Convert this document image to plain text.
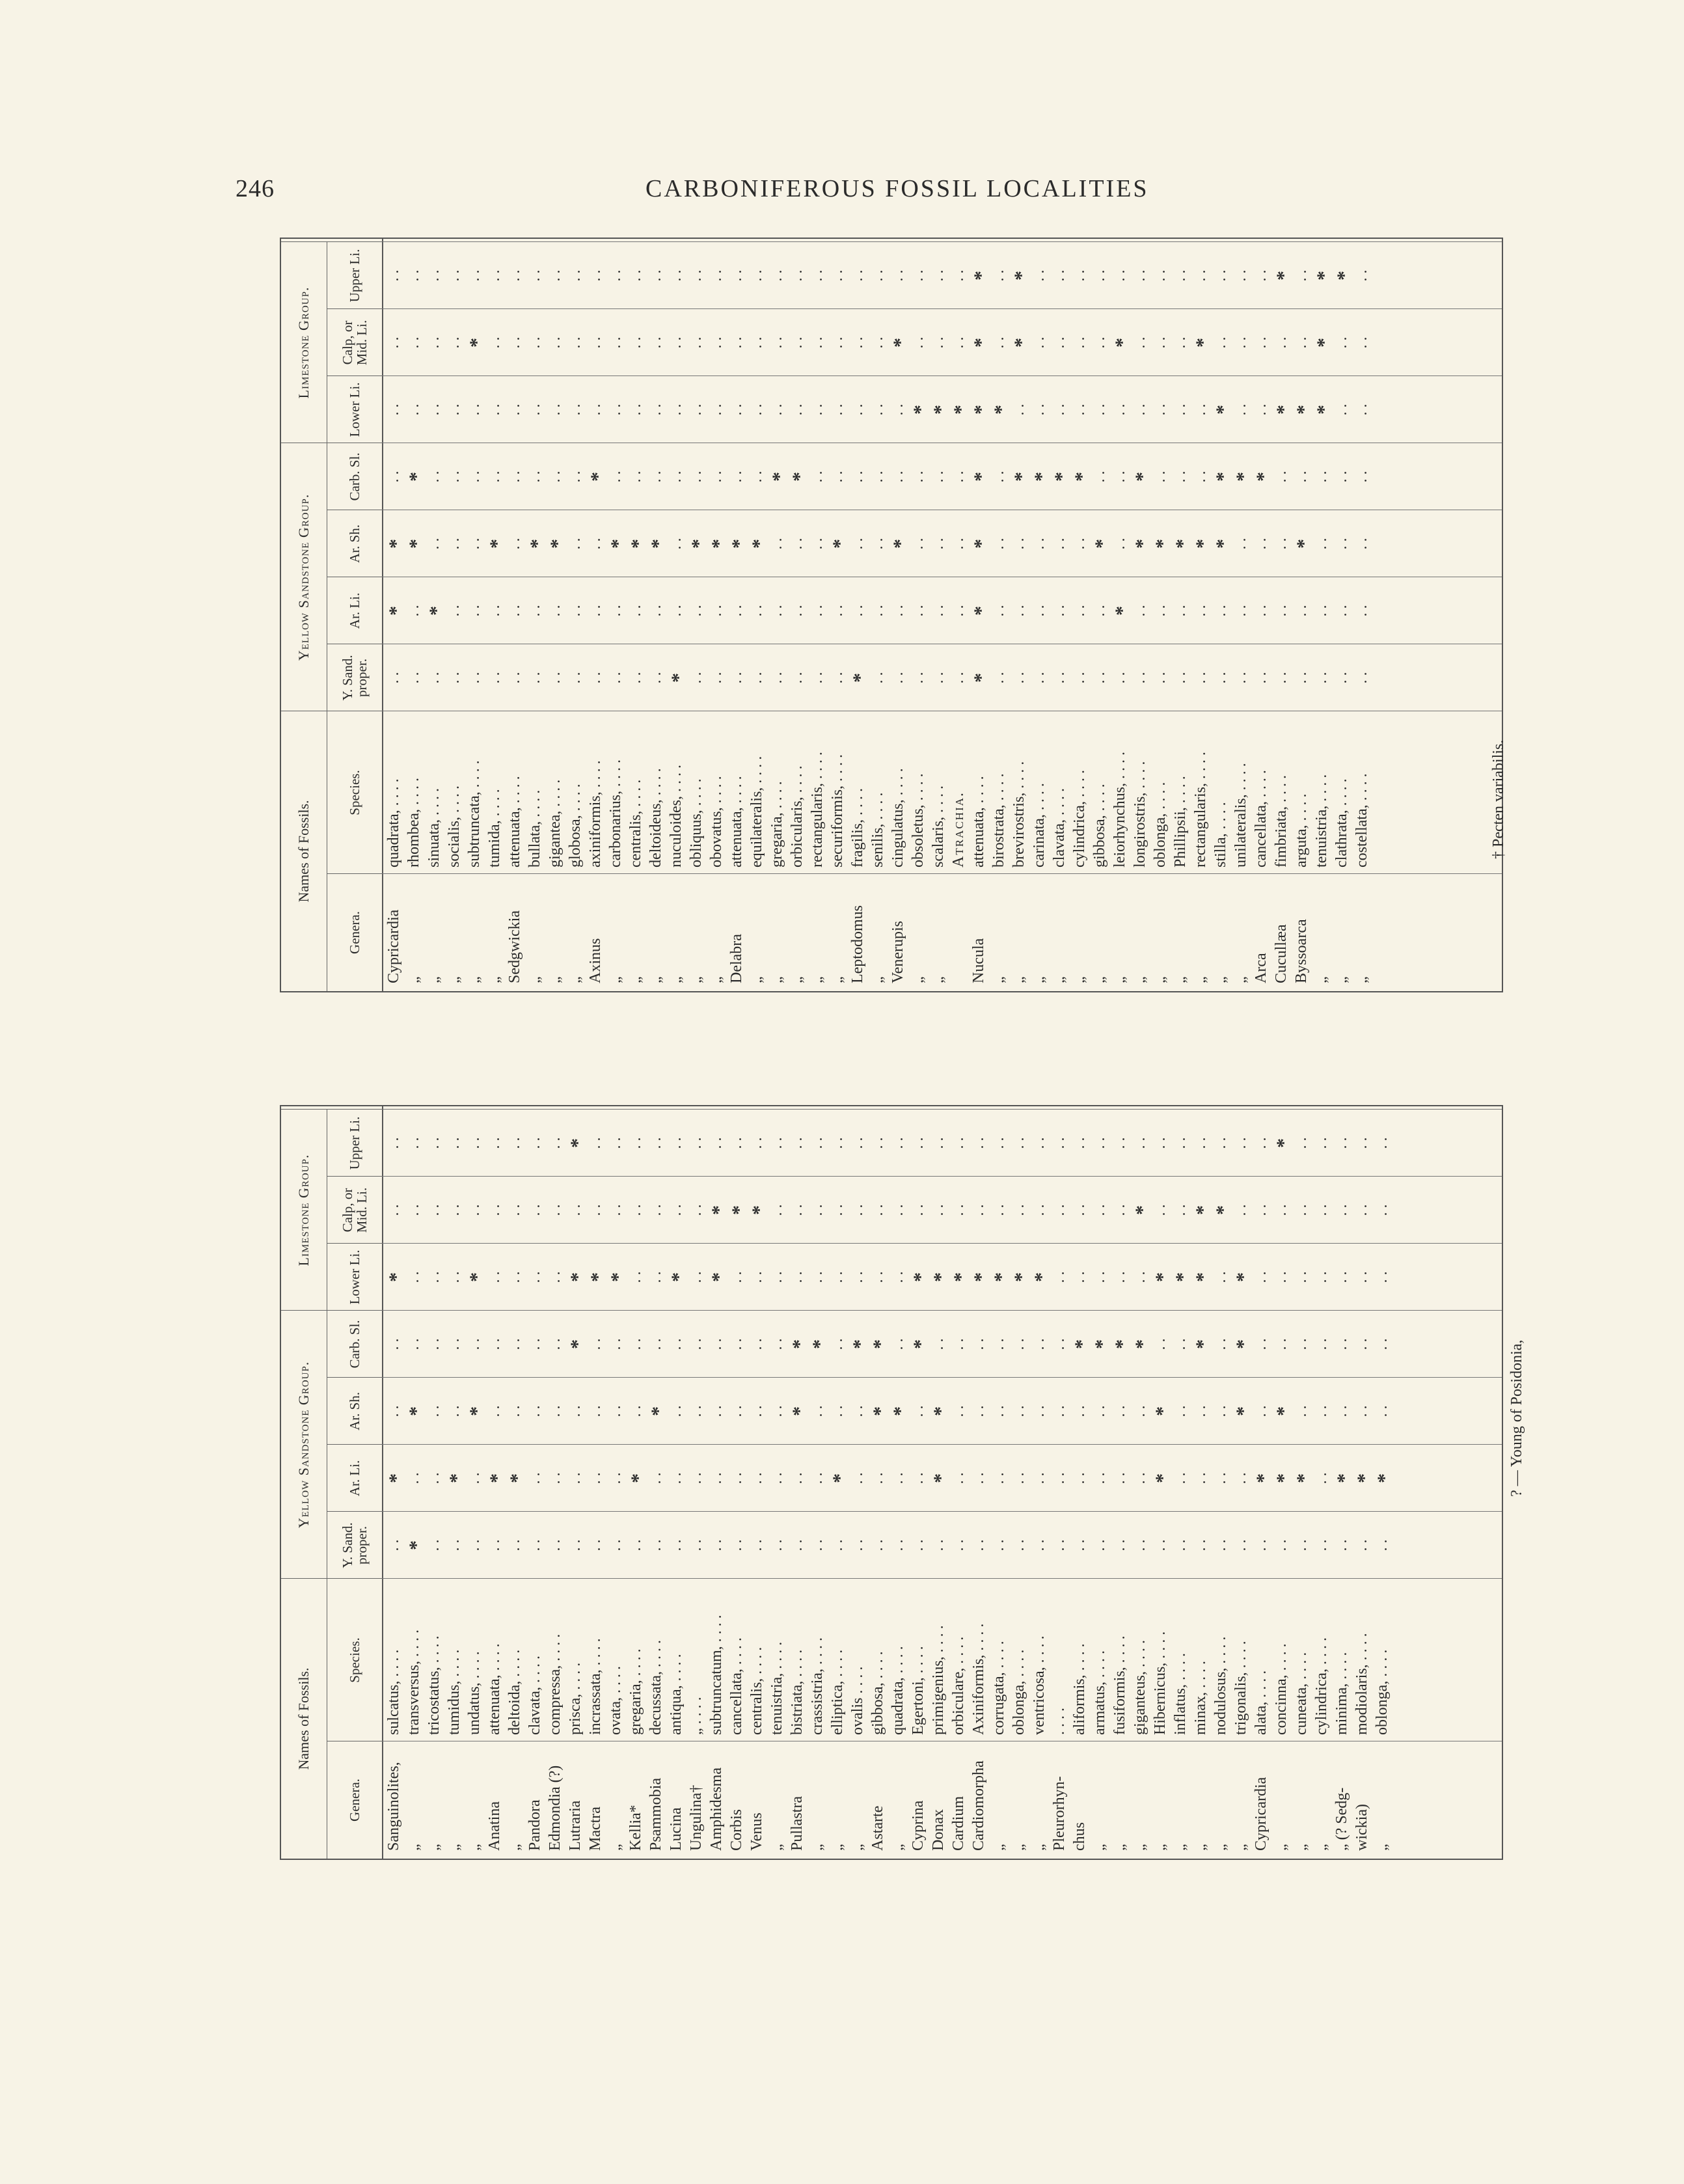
246	CARBONIFEROUS FOSSIL LOCALITIES
Names of Fossils.
Genera.
Species.
Yellow Sandstone Group.
Limestone Group.
Y. Sand. proper.
Ar. Li.
Ar. Sh.
Carb. Sl.
Lower Li.
Calp, or Mid. Li.
Upper Li.
Cypricardia
quadrata, . . . .
. .
*
*
. .
. .
. .
. .
„
rhombea, . . . .
. .
. .
*
*
. .
. .
. .
„
sinuata, . . . .
. .
*
. .
. .
. .
. .
. .
„
socialis, . . . .
. .
. .
. .
. .
. .
. .
. .
„
subtruncata, . . . .
. .
. .
. .
. .
. .
*
. .
„
tumida, . . . .
. .
. .
*
. .
. .
. .
. .
Sedgwickia
attenuata, . . . .
. .
. .
. .
. .
. .
. .
. .
„
bullata, . . . .
. .
. .
*
. .
. .
. .
. .
„
gigantea, . . . .
. .
. .
*
. .
. .
. .
. .
„
globosa, . . . .
. .
. .
. .
. .
. .
. .
. .
Axinus
axiniformis, . . . .
. .
. .
. .
*
. .
. .
. .
„
carbonarius, . . . .
. .
. .
*
. .
. .
. .
. .
„
centralis, . . . .
. .
. .
*
. .
. .
. .
. .
„
deltoideus, . . . .
. .
. .
*
. .
. .
. .
. .
„
nuculoides, . . . .
*
. .
. .
. .
. .
. .
. .
„
obliquus, . . . .
. .
. .
*
. .
. .
. .
. .
„
obovatus, . . . .
. .
. .
*
. .
. .
. .
. .
Delabra
attenuata, . . . .
. .
. .
*
. .
. .
. .
. .
„
equilateralis, . . . .
. .
. .
*
. .
. .
. .
. .
„
gregaria, . . . .
. .
. .
. .
*
. .
. .
. .
„
orbicularis, . . . .
. .
. .
. .
*
. .
. .
. .
„
rectangularis, . . . .
. .
. .
. .
. .
. .
. .
. .
„
securiformis, . . . .
. .
. .
*
. .
. .
. .
. .
Leptodomus
fragilis, . . . .
*
. .
. .
. .
. .
. .
. .
„
senilis, . . . .
. .
. .
. .
. .
. .
. .
. .
Venerupis
cingulatus, . . . .
. .
. .
*
. .
. .
*
. .
„
obsoletus, . . . .
. .
. .
. .
. .
*
. .
. .
„
scalaris, . . . .
. .
. .
. .
. .
*
. .
. .
Atrachia.
. .
. .
. .
. .
*
. .
. .
Nucula
attenuata, . . . .
*
*
*
*
*
*
*
„
birostrata, . . . .
. .
. .
. .
. .
*
. .
. .
„
brevirostris, . . . .
. .
. .
. .
*
. .
*
*
„
carinata, . . . .
. .
. .
. .
*
. .
. .
. .
„
clavata, . . . .
. .
. .
. .
*
. .
. .
. .
„
cylindrica, . . . .
. .
. .
. .
*
. .
. .
. .
„
gibbosa, . . . .
. .
. .
*
. .
. .
. .
. .
„
leiorhynchus, . . . .
. .
*
. .
. .
. .
*
. .
„
longirostris, . . . .
. .
. .
*
*
. .
. .
. .
„
oblonga, . . . .
. .
. .
*
. .
. .
. .
. .
„
Phillipsii, . . . .
. .
. .
*
. .
. .
. .
. .
„
rectangularis, . . . .
. .
. .
*
. .
. .
*
. .
„
stilla, . . . .
. .
. .
*
*
*
. .
. .
„
unilateralis, . . . .
. .
. .
. .
*
. .
. .
. .
Arca
cancellata, . . . .
. .
. .
. .
*
. .
. .
. .
Cucullæa
fimbriata, . . . .
. .
. .
. .
. .
*
. .
*
Byssoarca
arguta, . . . .
. .
. .
*
. .
*
. .
. .
„
tenuistria, . . . .
. .
. .
. .
. .
*
*
*
„
clathrata, . . . .
. .
. .
. .
. .
. .
. .
*
„
costellata, . . . .
. .
. .
. .
. .
. .
. .
. .
Names of Fossils.
Genera.
Species.
Yellow Sandstone Group.
Limestone Group.
Y. Sand. proper.
Ar. Li.
Ar. Sh.
Carb. Sl.
Lower Li.
Calp, or Mid. Li.
Upper Li.
Sanguinolites,
sulcatus, . . . .
. .
*
. .
. .
*
. .
. .
„
transversus, . . . .
*
. .
*
. .
. .
. .
. .
„
tricostatus, . . . .
. .
. .
. .
. .
. .
. .
. .
„
tumidus, . . . .
. .
*
. .
. .
. .
. .
. .
„
undatus, . . . .
. .
. .
*
. .
*
. .
. .
Anatina
attenuata, . . . .
. .
*
. .
. .
. .
. .
. .
„
deltoida, . . . .
. .
*
. .
. .
. .
. .
. .
Pandora
clavata, . . . .
. .
. .
. .
. .
. .
. .
. .
Edmondia (?)
compressa, . . . .
. .
. .
. .
. .
. .
. .
. .
Lutraria
prisca, . . . .
. .
. .
. .
*
*
. .
*
Mactra
incrassata, . . . .
. .
. .
. .
. .
*
. .
. .
„
ovata, . . . .
. .
. .
. .
. .
*
. .
. .
Kellia*
gregaria, . . . .
. .
*
. .
. .
. .
. .
. .
Psammobia
decussata, . . . .
. .
. .
*
. .
. .
. .
. .
Lucina
antiqua, . . . .
. .
. .
. .
. .
*
. .
. .
Ungulina†
„ . . . .
. .
. .
. .
. .
. .
. .
. .
Amphidesma
subtruncatum, . . . .
. .
. .
. .
. .
*
*
. .
Corbis
cancellata, . . . .
. .
. .
. .
. .
. .
*
. .
Venus
centralis, . . . .
. .
. .
. .
. .
. .
*
. .
„
tenuistria, . . . .
. .
. .
. .
. .
. .
. .
. .
Pullastra
bistriata, . . . .
. .
. .
*
*
. .
. .
. .
„
crassistria, . . . .
. .
. .
. .
*
. .
. .
. .
„
elliptica, . . . .
. .
*
. .
. .
. .
. .
. .
„
ovalis . . . .
. .
. .
. .
*
. .
. .
. .
Astarte
gibbosa, . . . .
. .
. .
*
*
. .
. .
. .
„
quadrata, . . . .
. .
. .
*
. .
. .
. .
. .
Cyprina
Egertoni, . . . .
. .
. .
. .
*
*
. .
. .
Donax
primigenius, . . . .
. .
*
*
. .
*
. .
. .
Cardium
orbiculare, . . . .
. .
. .
. .
. .
*
. .
. .
Cardiomorpha
Axiniformis, . . . .
. .
. .
. .
. .
*
. .
. .
„
corrugata, . . . .
. .
. .
. .
. .
*
. .
. .
„
oblonga, . . . .
. .
. .
. .
. .
*
. .
. .
„
ventricosa, . . . .
. .
. .
. .
. .
*
. .
. .
Pleurorhyn-
. . . .
. .
. .
. .
. .
. .
. .
. .
chus
aliformis, . . . .
. .
. .
. .
*
. .
. .
. .
„
armatus, . . . .
. .
. .
. .
*
. .
. .
. .
„
fusiformis, . . . .
. .
. .
. .
*
. .
. .
. .
„
giganteus, . . . .
. .
. .
. .
*
. .
*
. .
„
Hibernicus, . . . .
. .
*
*
. .
*
. .
. .
„
inflatus, . . . .
. .
. .
. .
. .
*
. .
. .
„
minax, . . . .
. .
. .
. .
*
*
*
. .
„
nodulosus, . . . .
. .
. .
. .
. .
. .
*
. .
„
trigonalis, . . . .
. .
. .
*
*
*
. .
. .
Cypricardia
alata, . . . .
. .
*
. .
. .
. .
. .
. .
„
concinna, . . . .
. .
*
*
. .
. .
. .
*
„
cuneata, . . . .
. .
*
. .
. .
. .
. .
. .
„
cylindrica, . . . .
. .
. .
. .
. .
. .
. .
. .
„ (? Sedg-
minima, . . . .
. .
*
. .
. .
. .
. .
. .
wickia)
modiolaris, . . . .
. .
*
. .
. .
. .
. .
. .
„
oblonga, . . . .
. .
*
. .
. .
. .
. .
. .
† Pecten variabilis.
? — Young of Posidonia,
